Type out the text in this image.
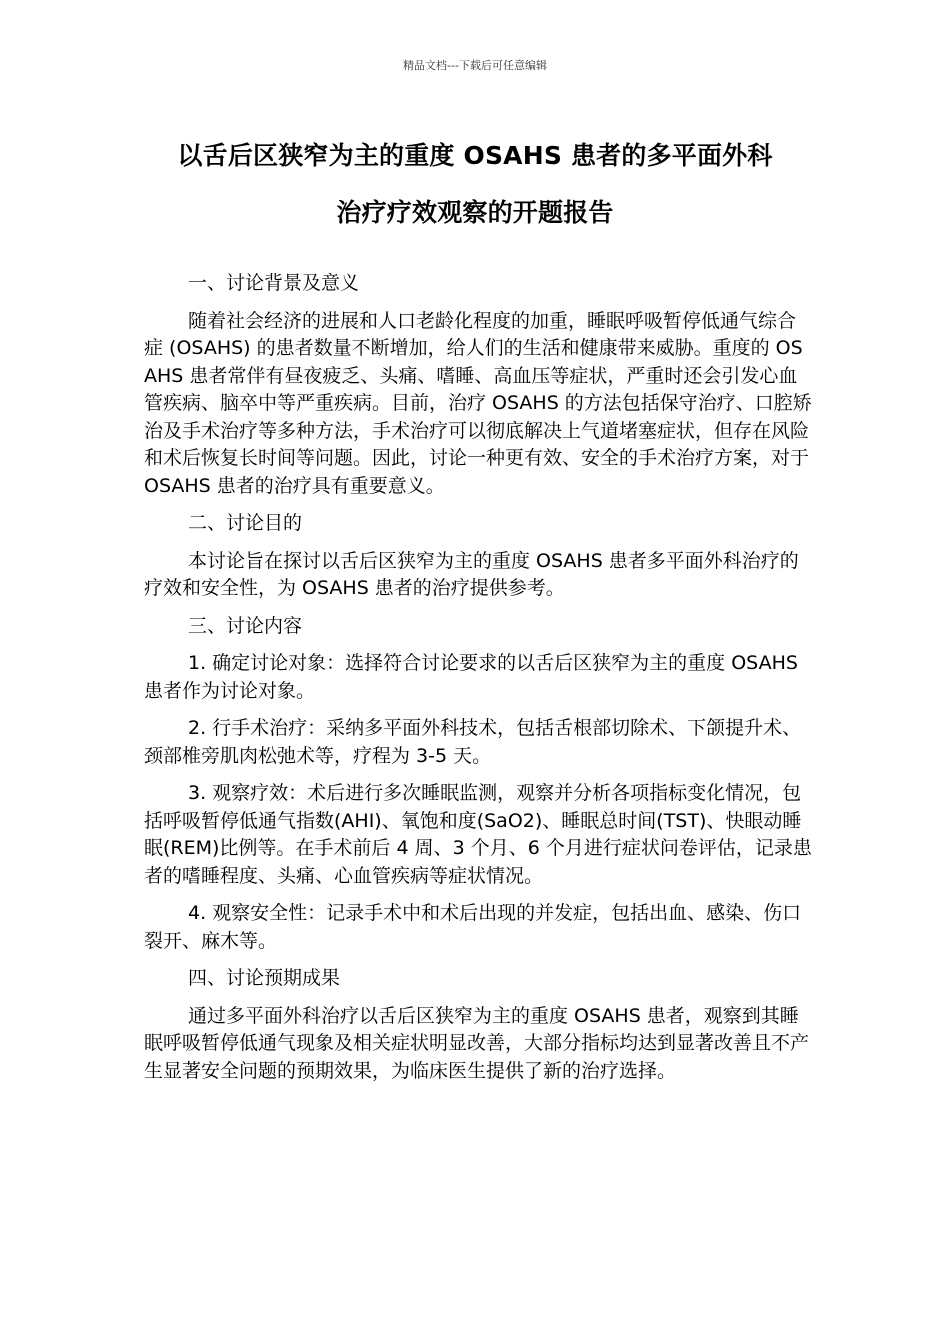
精品文档---下载后可任意编辑
以舌后区狭窄为主的重度 OSAHS 患者的多平面外科
治疗疗效观察的开题报告

一、讨论背景及意义

随着社会经济的进展和人口老龄化程度的加重，睡眠呼吸暂停低通气综合症 (OSAHS) 的患者数量不断增加，给人们的生活和健康带来威胁。重度的 OSAHS 患者常伴有昼夜疲乏、头痛、嗜睡、高血压等症状，严重时还会引发心血管疾病、脑卒中等严重疾病。目前，治疗 OSAHS 的方法包括保守治疗、口腔矫治及手术治疗等多种方法，手术治疗可以彻底解决上气道堵塞症状，但存在风险和术后恢复长时间等问题。因此，讨论一种更有效、安全的手术治疗方案，对于 OSAHS 患者的治疗具有重要意义。

二、讨论目的

本讨论旨在探讨以舌后区狭窄为主的重度 OSAHS 患者多平面外科治疗的疗效和安全性，为 OSAHS 患者的治疗提供参考。

三、讨论内容

1. 确定讨论对象：选择符合讨论要求的以舌后区狭窄为主的重度 OSAHS 患者作为讨论对象。

2. 行手术治疗：采纳多平面外科技术，包括舌根部切除术、下颌提升术、颈部椎旁肌肉松弛术等，疗程为 3-5 天。

3. 观察疗效：术后进行多次睡眠监测，观察并分析各项指标变化情况，包括呼吸暂停低通气指数(AHI)、氧饱和度(SaO2)、睡眠总时间(TST)、快眼动睡眠(REM)比例等。在手术前后 4 周、3 个月、6 个月进行症状问卷评估，记录患者的嗜睡程度、头痛、心血管疾病等症状情况。

4. 观察安全性：记录手术中和术后出现的并发症，包括出血、感染、伤口裂开、麻木等。

四、讨论预期成果

通过多平面外科治疗以舌后区狭窄为主的重度 OSAHS 患者，观察到其睡眠呼吸暂停低通气现象及相关症状明显改善，大部分指标均达到显著改善且不产生显著安全问题的预期效果，为临床医生提供了新的治疗选择。
